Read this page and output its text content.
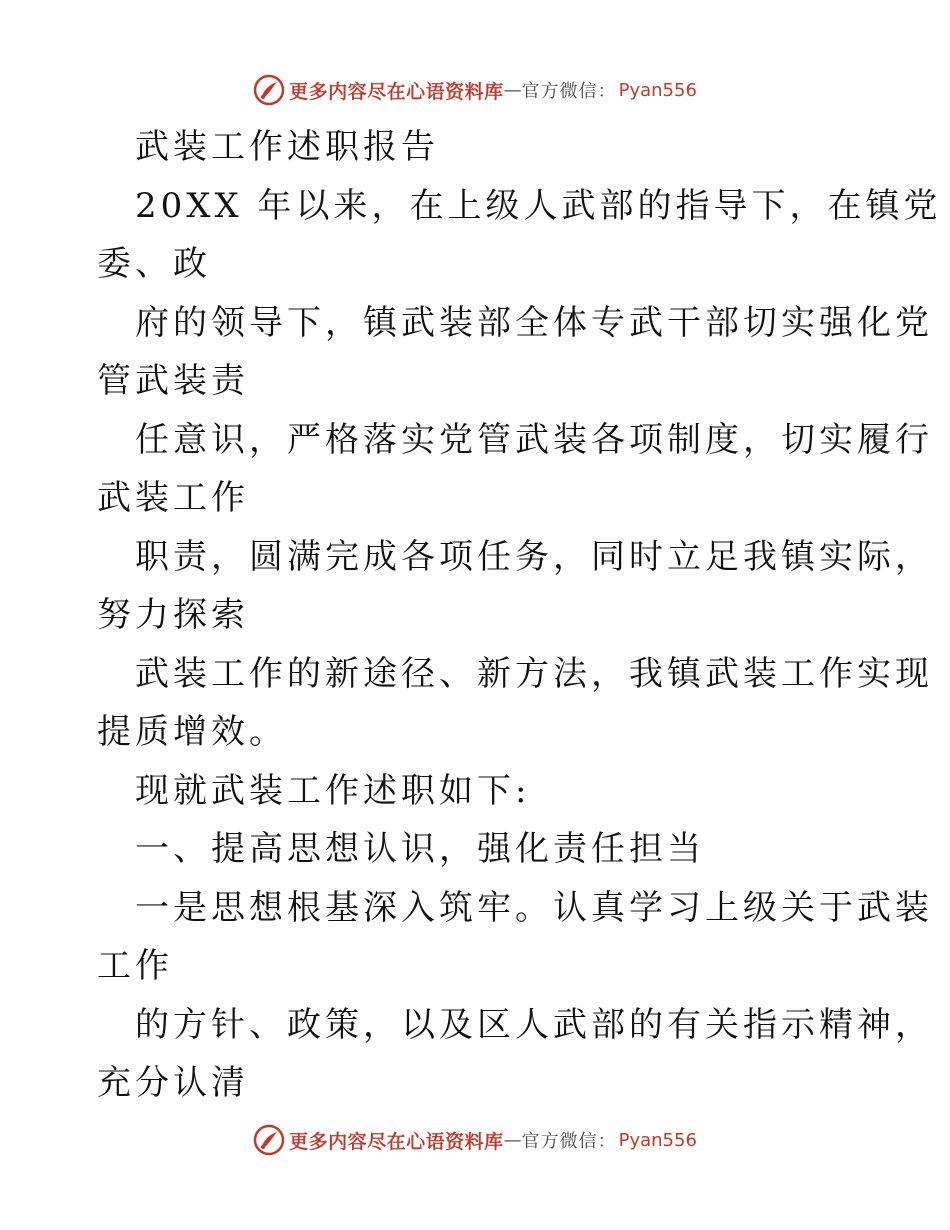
更多内容尽在心语资料库 — 官方微信： Pyan556
武装工作述职报告
20XX 年以来，在上级人武部的指导下，在镇党
委、政
府的领导下，镇武装部全体专武干部切实强化党
管武装责
任意识，严格落实党管武装各项制度，切实履行
武装工作
职责，圆满完成各项任务，同时立足我镇实际，
努力探索
武装工作的新途径、新方法，我镇武装工作实现
提质增效。
现就武装工作述职如下:
一、提高思想认识，强化责任担当
一是思想根基深入筑牢。认真学习上级关于武装
工作
的方针、政策，以及区人武部的有关指示精神，
充分认清
更多内容尽在心语资料库 — 官方微信： Pyan556
